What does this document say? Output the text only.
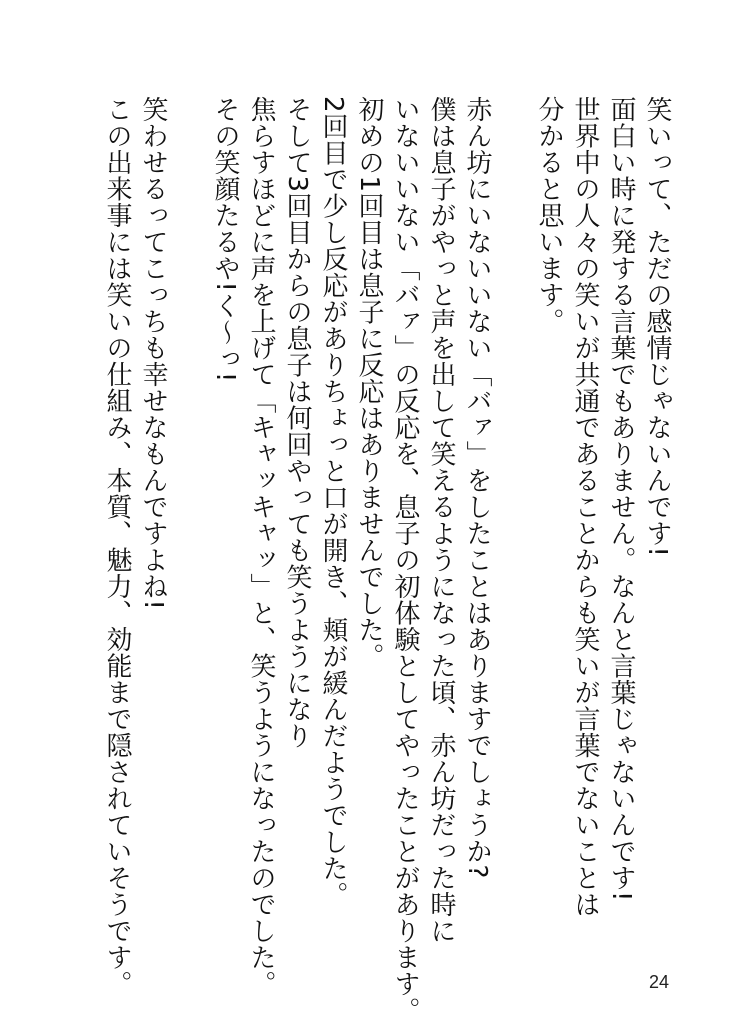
笑いって、ただの感情じゃないんです!
面白い時に発する言葉でもありません。なんと言葉じゃないんです!
世界中の人々の笑いが共通であることからも笑いが言葉でないことは
分かると思います。
赤ん坊にいないいない「バァ」をしたことはありますでしょうか?
僕は息子がやっと声を出して笑えるようになった頃、赤ん坊だった時に
いないいない「バァ」の反応を、息子の初体験としてやったことがあります。
初めの1回目は息子に反応はありませんでした。
2回目で少し反応がありちょっと口が開き、頬が緩んだようでした。
そして3回目からの息子は何回やっても笑うようになり
焦らすほどに声を上げて「キャッキャッ」と、笑うようになったのでした。
その笑顔たるや!く〜っ!
笑わせるってこっちも幸せなもんですよね!
この出来事には笑いの仕組み、本質、魅力、効能まで隠されていそうです。	24
